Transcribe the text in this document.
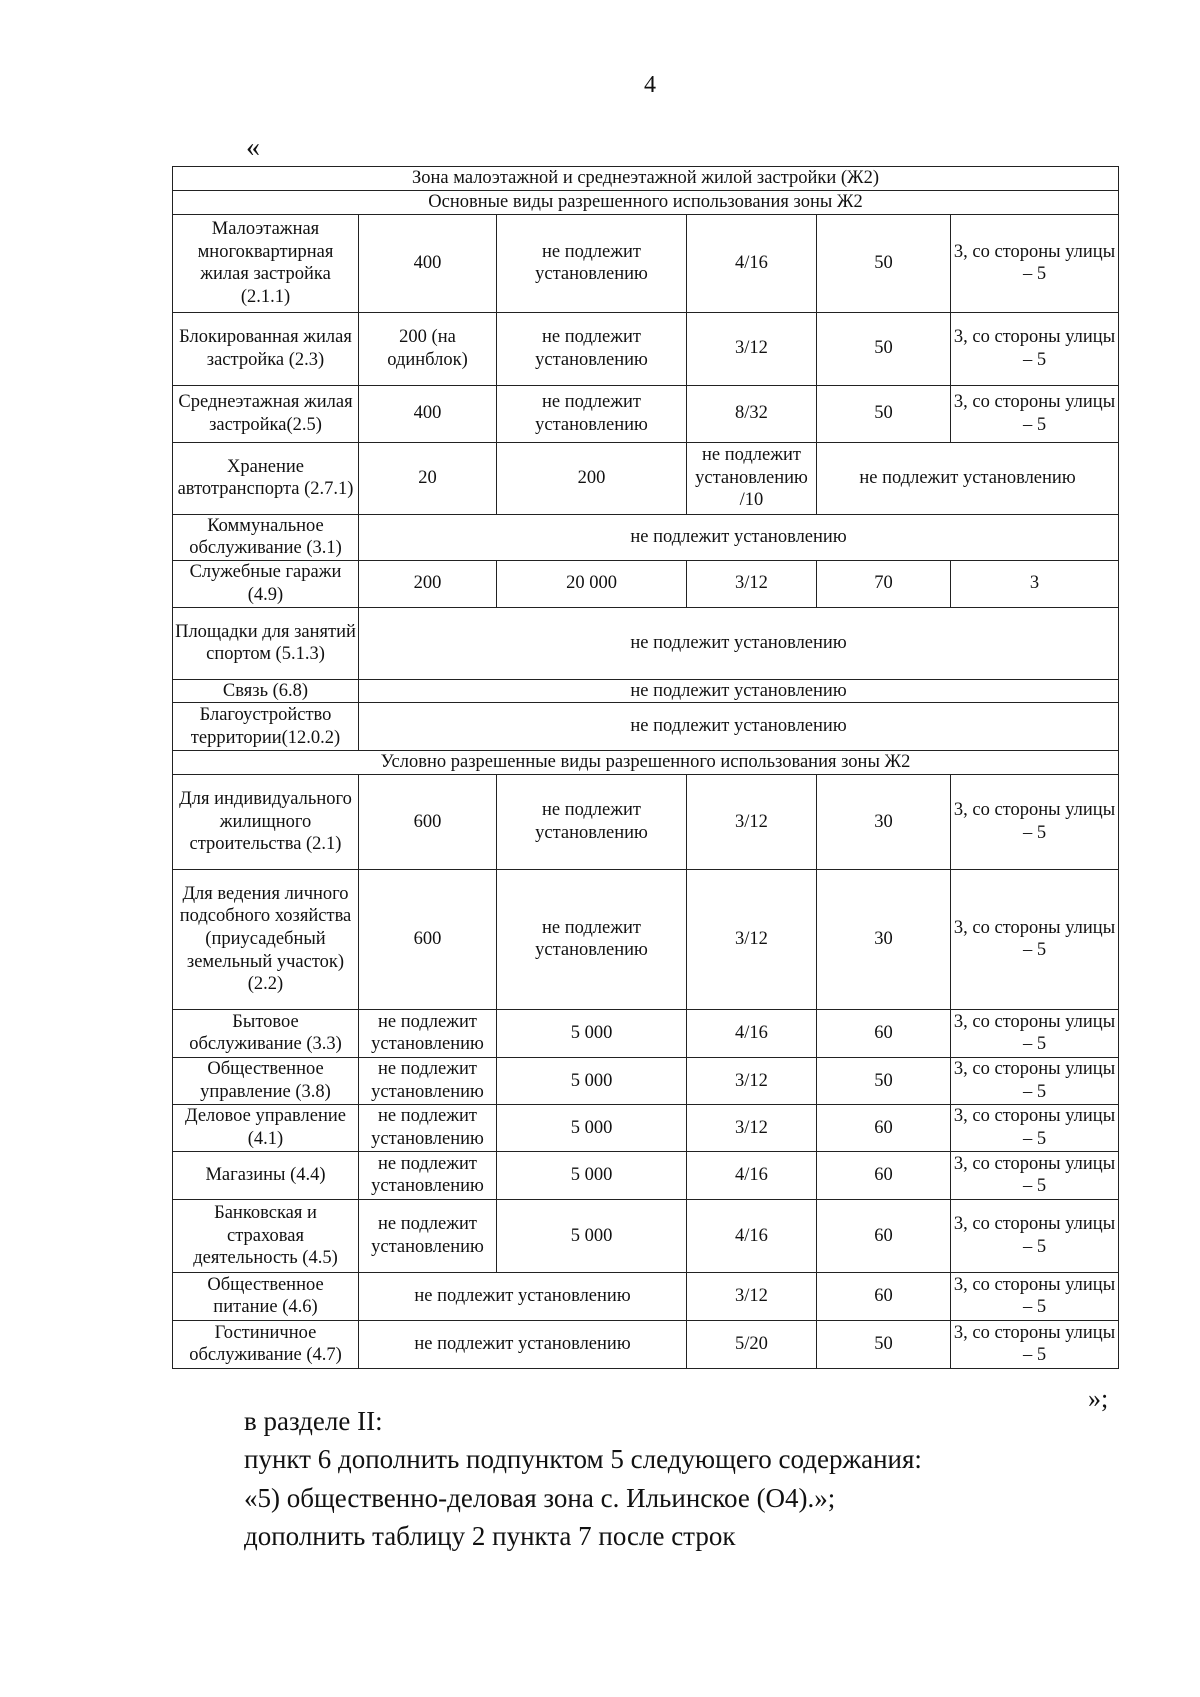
4
«
Зона малоэтажной и среднеэтажной жилой застройки (Ж2)					
Основные виды разрешенного использования зоны Ж2					
Малоэтажная многоквартирная жилая застройка (2.1.1)	400	не подлежит установлению	4/16	50	3, со стороны улицы – 5
Блокированная жилая застройка (2.3)	200 (на одинблок)	не подлежит установлению	3/12	50	3, со стороны улицы – 5
Среднеэтажная жилая застройка(2.5)	400	не подлежит установлению	8/32	50	3, со стороны улицы – 5
Хранение автотранспорта (2.7.1)	20	200	не подлежит установлению /10	не подлежит установлению	
Коммунальное обслуживание (3.1)	не подлежит установлению				
Служебные гаражи (4.9)	200	20 000	3/12	70	3
Площадки для занятий спортом (5.1.3)	не подлежит установлению				
Связь (6.8)	не подлежит установлению				
Благоустройство территории(12.0.2)	не подлежит установлению				
Условно разрешенные виды разрешенного использования зоны Ж2					
Для индивидуального жилищного строительства (2.1)	600	не подлежит установлению	3/12	30	3, со стороны улицы – 5
Для ведения личного подсобного хозяйства (приусадебный земельный участок) (2.2)	600	не подлежит установлению	3/12	30	3, со стороны улицы – 5
Бытовое обслуживание (3.3)	не подлежит установлению	5 000	4/16	60	3, со стороны улицы – 5
Общественное управление (3.8)	не подлежит установлению	5 000	3/12	50	3, со стороны улицы – 5
Деловое управление (4.1)	не подлежит установлению	5 000	3/12	60	3, со стороны улицы – 5
Магазины (4.4)	не подлежит установлению	5 000	4/16	60	3, со стороны улицы – 5
Банковская и страховая деятельность (4.5)	не подлежит установлению	5 000	4/16	60	3, со стороны улицы – 5
Общественное питание (4.6)	не подлежит установлению		3/12	60	3, со стороны улицы – 5
Гостиничное обслуживание (4.7)	не подлежит установлению		5/20	50	3, со стороны улицы – 5
»;

в разделе II:

пункт 6 дополнить подпунктом 5 следующего содержания:

«5) общественно-деловая зона с. Ильинское (О4).»;

дополнить таблицу 2 пункта 7 после строк
